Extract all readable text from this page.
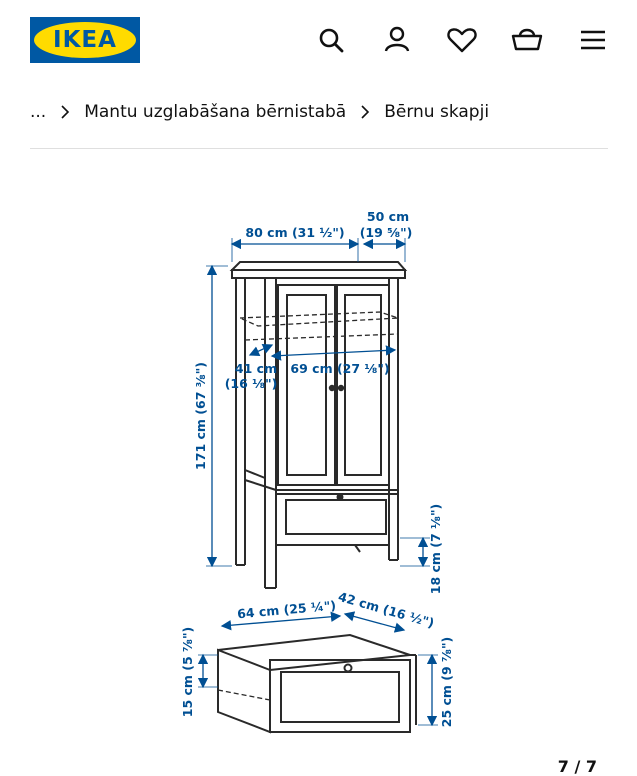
IKEA
... Mantu uzglabāšana bērnistabā Bērnu skapji
80 cm (31 ½")
50 cm
(19 ⅝")
171 cm (67 ⅜") 41 cm
(16 ⅛")
69 cm (27 ⅛")
18 cm (7 ⅛")
64 cm (25 ¼") 42 cm (16 ½")
15 cm (5 ⅞")	25 cm (9 ⅞")
7 / 7
